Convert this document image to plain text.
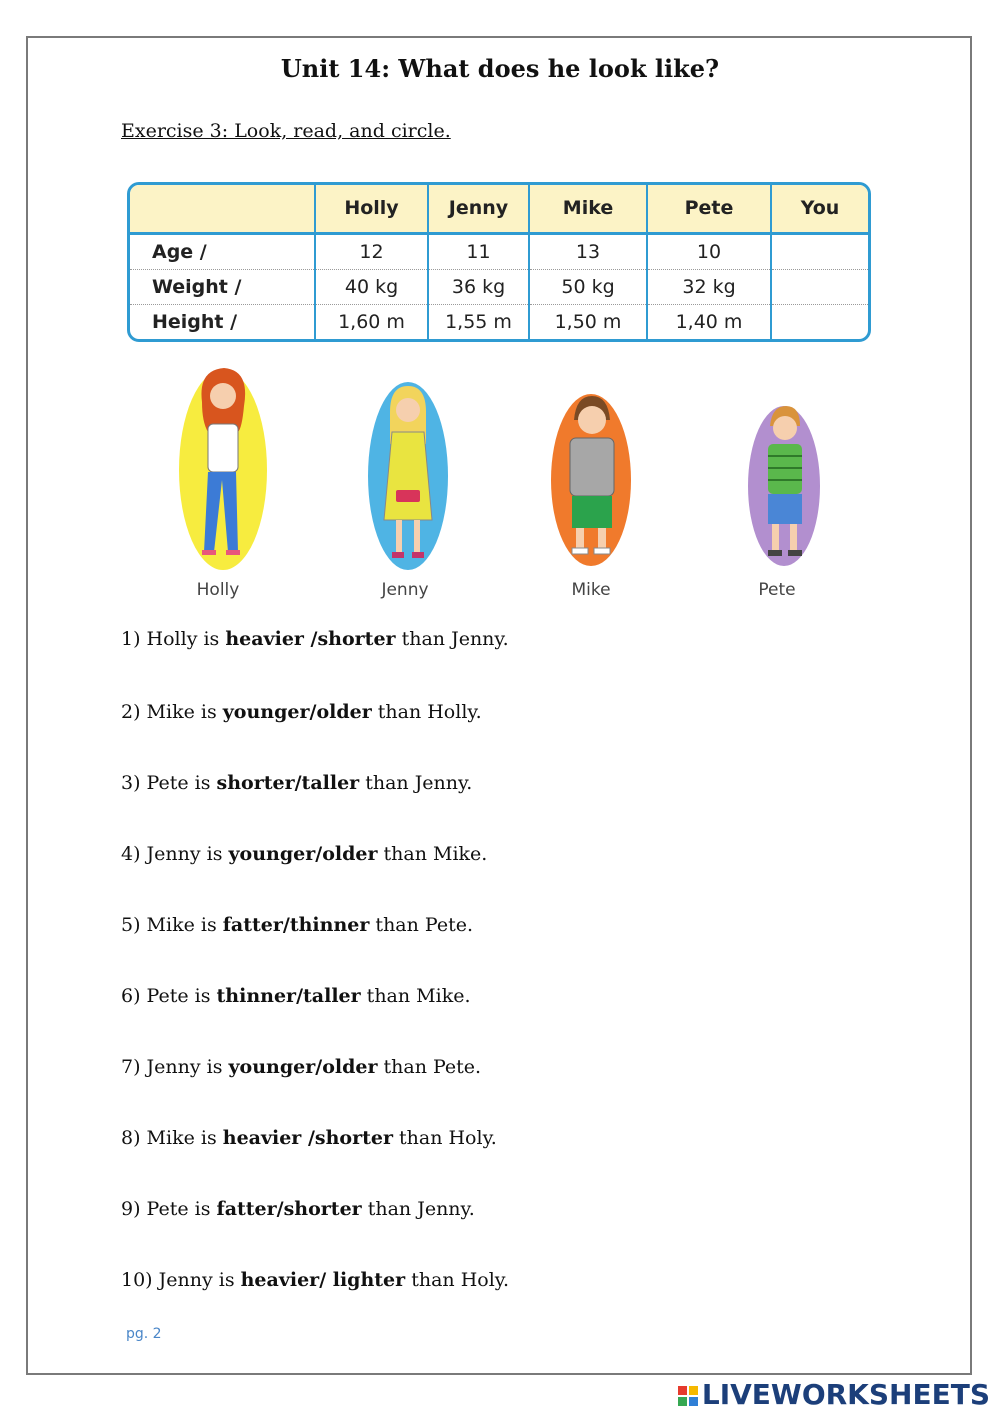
Unit 14: What does he look like?
Exercise 3: Look, read, and circle.
	Holly	Jenny	Mike	Pete	You
Age /	12	11	13	10	
Weight /	40 kg	36 kg	50 kg	32 kg	
Height /	1,60 m	1,55 m	1,50 m	1,40 m	
Holly	Jenny	Mike	Pete
1) Holly is heavier /shorter than Jenny.
2) Mike is younger/older than Holly.
3) Pete is shorter/taller than Jenny.
4) Jenny is younger/older than Mike.
5) Mike is fatter/thinner than Pete.
6) Pete is thinner/taller than Mike.
7) Jenny is younger/older than Pete.
8) Mike is heavier /shorter than Holy.
9) Pete is fatter/shorter than Jenny.
10) Jenny is heavier/ lighter than Holy.
pg. 2
LIVEWORKSHEETS
